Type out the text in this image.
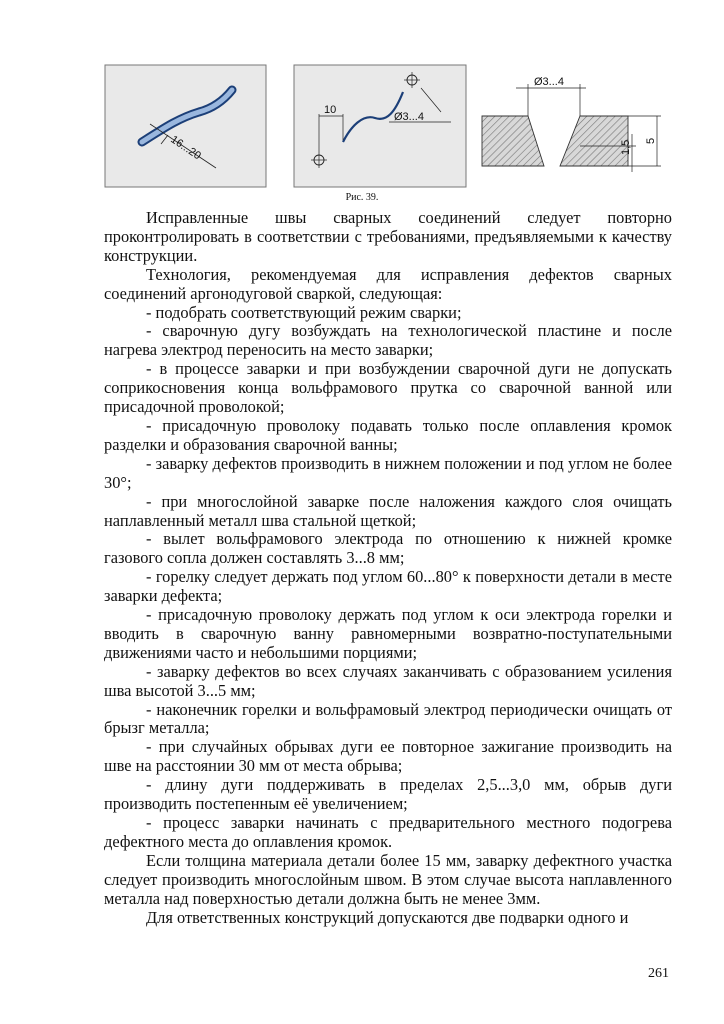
16...20
10
Ø3...4
Ø3...4
1,5 5
Рис. 39.

Исправленные швы сварных соединений следует повторно проконтролировать в соответствии с требованиями, предъявляемыми к качеству конструкции.

Технология, рекомендуемая для исправления дефектов сварных соединений аргонодуговой сваркой, следующая:

- подобрать соответствующий режим сварки;

- сварочную дугу возбуждать на технологической пластине и после нагрева электрод переносить на место заварки;

- в процессе заварки и при возбуждении сварочной дуги не допускать соприкосновения конца вольфрамового прутка со сварочной ванной или присадочной проволокой;

- присадочную проволоку подавать только после оплавления кромок разделки и образования сварочной ванны;

- заварку дефектов производить в нижнем положении и под углом не более 30°;

- при многослойной заварке после наложения каждого слоя очищать наплавленный металл шва стальной щеткой;

- вылет вольфрамового электрода по отношению к нижней кромке газового сопла должен составлять 3...8 мм;

- горелку следует держать под углом 60...80° к поверхности детали в месте заварки дефекта;

- присадочную проволоку держать под углом к оси электрода горелки и вводить в сварочную ванну равномерными возвратно-поступательными движениями часто и небольшими порциями;

- заварку дефектов во всех случаях заканчивать с образованием усиления шва высотой 3...5 мм;

- наконечник горелки и вольфрамовый электрод периодически очищать от брызг металла;

- при случайных обрывах дуги ее повторное зажигание производить на шве на расстоянии 30 мм от места обрыва;

- длину дуги поддерживать в пределах 2,5...3,0 мм, обрыв дуги производить постепенным её увеличением;

- процесс заварки начинать с предварительного местного подогрева дефектного места до оплавления кромок.

Если толщина материала детали более 15 мм, заварку дефектного участка следует производить многослойным швом. В этом случае высота наплавленного металла над поверхностью детали должна быть не менее 3мм.

Для ответственных конструкций допускаются две подварки одного и

261
